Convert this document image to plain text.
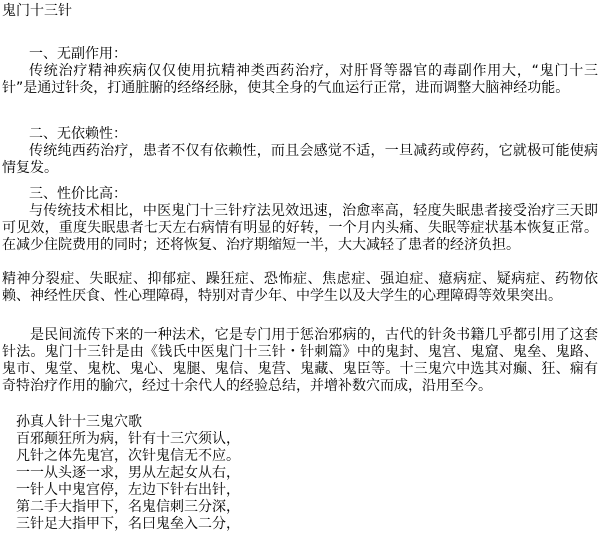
鬼门十三针
一、无副作用：
传统治疗精神疾病仅仅使用抗精神类西药治疗，对肝肾等器官的毒副作用大，“鬼门十三针”是通过针灸，打通脏腑的经络经脉，使其全身的气血运行正常，进而调整大脑神经功能。
二、无依赖性：
传统纯西药治疗，患者不仅有依赖性，而且会感觉不适，一旦减药或停药，它就极可能使病情复发。
三、性价比高：
与传统技术相比，中医鬼门十三针疗法见效迅速，治愈率高，轻度失眠患者接受治疗三天即可见效，重度失眠患者七天左右病情有明显的好转，一个月内头痛、失眠等症状基本恢复正常。在减少住院费用的同时；还将恢复、治疗期缩短一半，大大减轻了患者的经济负担。
精神分裂症、失眠症、抑郁症、躁狂症、恐怖症、焦虑症、强迫症、癔病症、疑病症、药物依赖、神经性厌食、性心理障碍，特别对青少年、中学生以及大学生的心理障碍等效果突出。
是民间流传下来的一种法术，它是专门用于惩治邪病的，古代的针灸书籍几乎都引用了这套针法。鬼门十三针是由《钱氏中医鬼门十三针・针刺篇》中的鬼封、鬼宫、鬼窟、鬼垒、鬼路、鬼市、鬼堂、鬼枕、鬼心、鬼腿、鬼信、鬼营、鬼藏、鬼臣等。十三鬼穴中选其对癫、狂、痫有奇特治疗作用的腧穴，经过十余代人的经验总结，并增补数穴而成，沿用至今。
孙真人针十三鬼穴歌
百邪颠狂所为病，针有十三穴须认，
凡针之体先鬼宫，次针鬼信无不应。
一一从头逐一求，男从左起女从右，
一针人中鬼宫停，左边下针右出针，
第二手大指甲下，名鬼信刺三分深，
三针足大指甲下，名曰鬼垒入二分，
